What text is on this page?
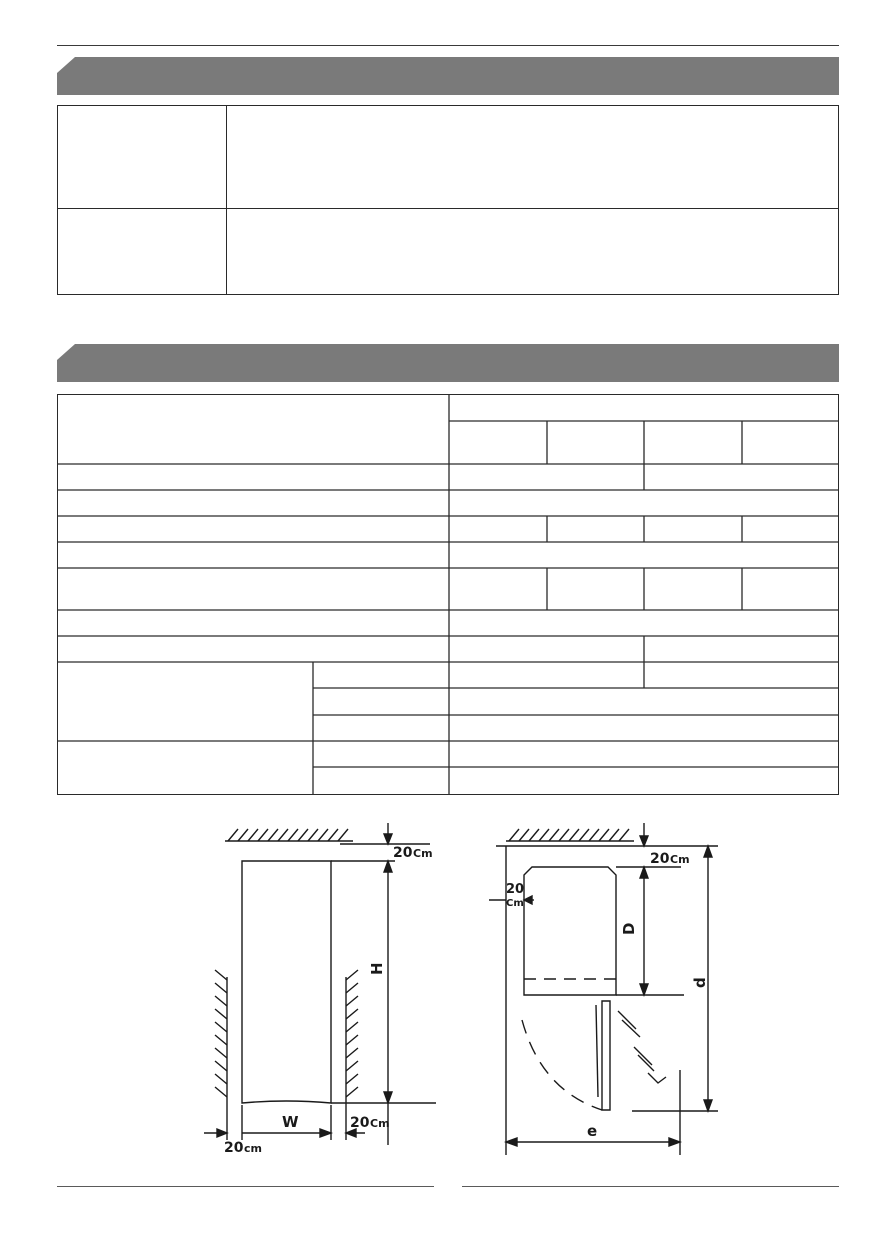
20 Cm
H
W	20 Cm
20 cm
20 Cm
20
Cm
D
d
e
